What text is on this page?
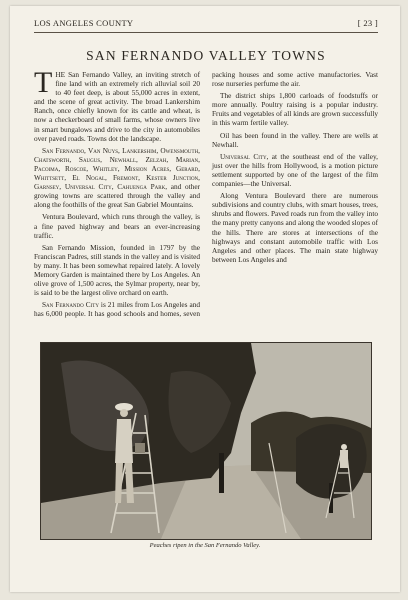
LOS ANGELES COUNTY	[ 23 ]
SAN FERNANDO VALLEY TOWNS

THE San Fernando Valley, an inviting stretch of fine land with an extremely rich alluvial soil 20 to 40 feet deep, is about 55,000 acres in extent, and the scene of great activity. The broad Lankershim Ranch, once chiefly known for its cattle and wheat, is now a checkerboard of small farms, whose owners live in smart bungalows and drive to the city in automobiles over paved roads. Towns dot the landscape.

San Fernando, Van Nuys, Lankershim, Owensmouth, Chatsworth, Saugus, Newhall, Zelzah, Marian, Pacoima, Roscoe, Whitley, Mission Acres, Gerard, Whittsett, El Nogal, Fremont, Kester Junction, Garnsey, Universal City, Cahuenga Park, and other growing towns are scattered through the valley and along the foothills of the great San Gabriel Mountains.

Ventura Boulevard, which runs through the valley, is a fine paved highway and bears an ever-increasing traffic.

San Fernando Mission, founded in 1797 by the Franciscan Padres, still stands in the valley and is visited by many. It has been somewhat repaired lately. A lovely Memory Garden is maintained there by Los Angeles. An olive grove of 1,500 acres, the Sylmar property, near by, is said to be the largest olive orchard on earth.

San Fernando City is 21 miles from Los Angeles and has 6,000 people. It has good schools and homes, seven packing houses and some active manufactories. Vast rose nurseries perfume the air.

The district ships 1,800 carloads of foodstuffs or more annually. Poultry raising is a popular industry. Fruits and vegetables of all kinds are grown successfully in this warm fertile valley.

Oil has been found in the valley. There are wells at Newhall.

Universal City, at the southeast end of the valley, just over the hills from Hollywood, is a motion picture settlement supported by one of the largest of the film companies—the Universal.

Along Ventura Boulevard there are numerous subdivisions and country clubs, with smart houses, trees, shrubs and flowers. Paved roads run from the valley into the many pretty canyons and along the wooded slopes of the hills. There are stores at intersections of the highways and constant automobile traffic with Los Angeles and other places. The main state highway between Los Angeles and

Peaches ripen in the San Fernando Valley.
